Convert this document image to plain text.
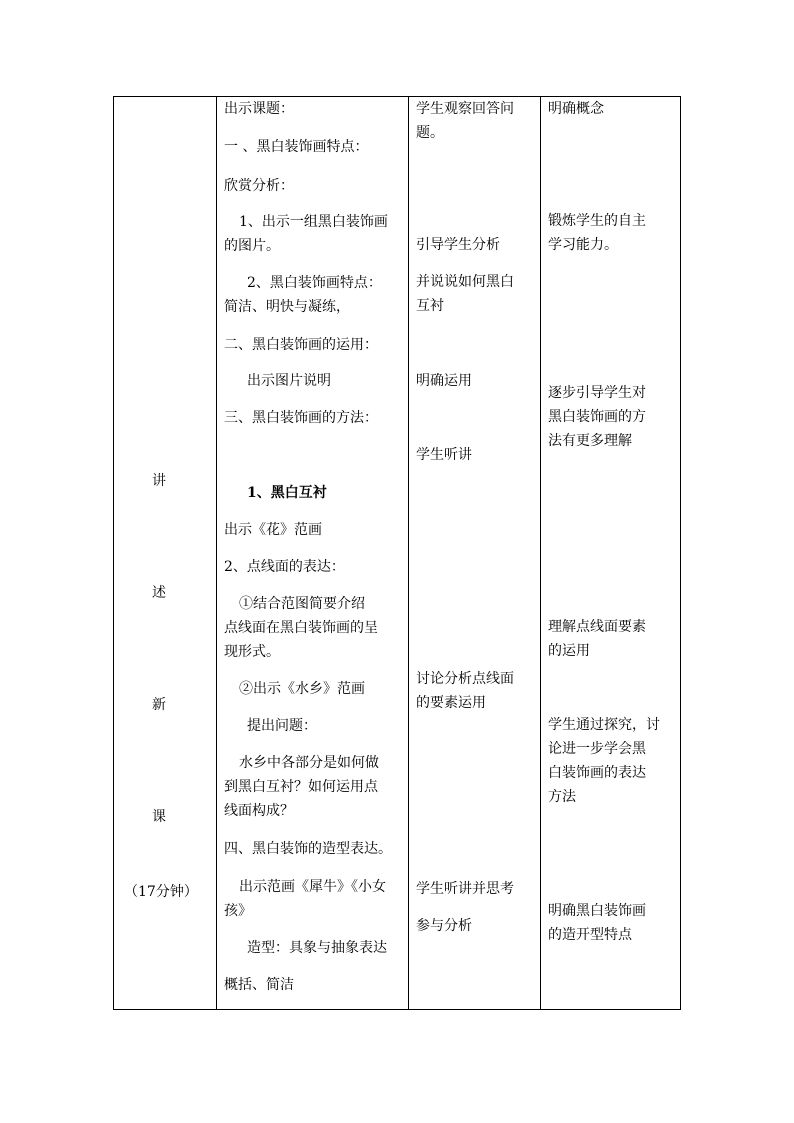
讲
述
新
课
（17分钟）
出示课题：
一 、黑白装饰画特点：
欣赏分析：
1、出示一组黑白装饰画
的图片。
2、黑白装饰画特点：
简洁、明快与凝练，
二、黑白装饰画的运用：
出示图片说明
三、黑白装饰画的方法：
1、黑白互衬
出示《花》范画
2、点线面的表达：
①结合范图简要介绍
点线面在黑白装饰画的呈
现形式。
②出示《水乡》范画
提出问题：
水乡中各部分是如何做
到黑白互衬？如何运用点
线面构成？
四、黑白装饰的造型表达。
出示范画《犀牛》《小女
孩》
造型：具象与抽象表达
概括、简洁
学生观察回答问
题。
引导学生分析
并说说如何黑白
互衬
明确运用
学生听讲
讨论分析点线面
的要素运用
学生听讲并思考
参与分析
明确概念
锻炼学生的自主
学习能力。
逐步引导学生对
黑白装饰画的方
法有更多理解
理解点线面要素
的运用
学生通过探究，讨
论进一步学会黑
白装饰画的表达
方法
明确黑白装饰画
的造开型特点
